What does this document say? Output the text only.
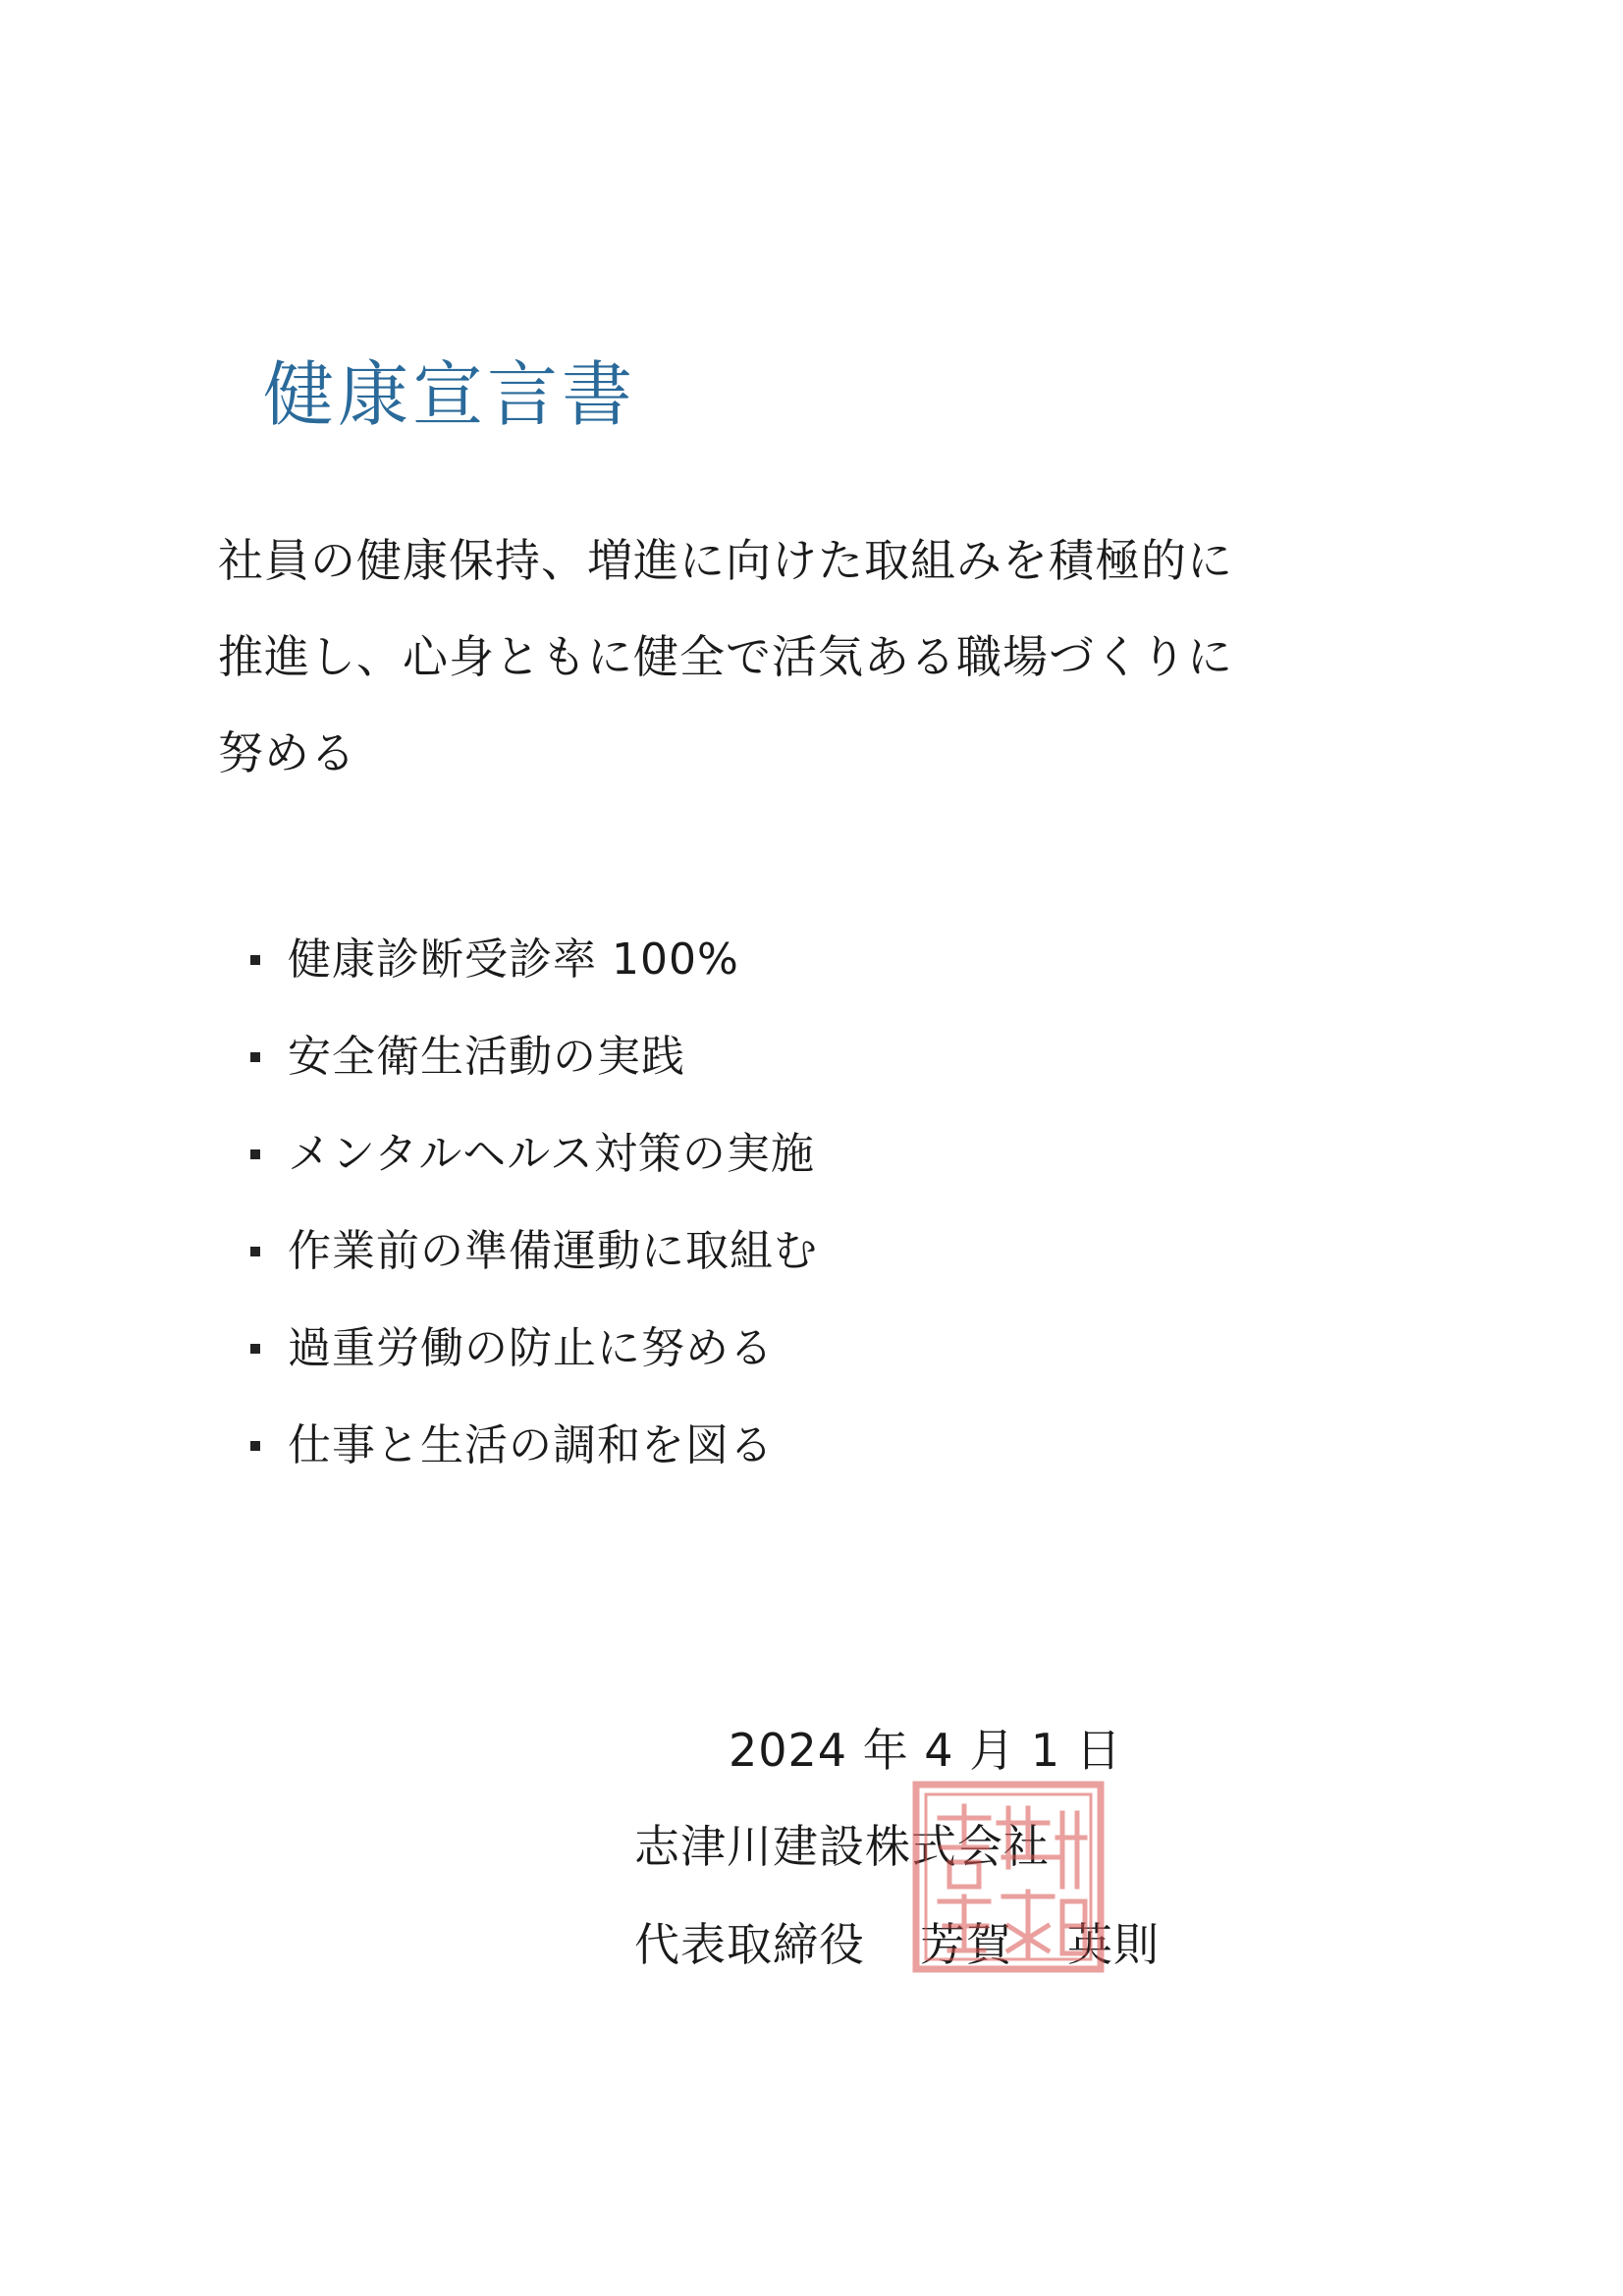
健康宣言書
社員の健康保持、増進に向けた取組みを積極的に
推進し、心身ともに健全で活気ある職場づくりに
努める
健康診断受診率 100%
安全衛生活動の実践
メンタルヘルス対策の実施
作業前の準備運動に取組む
過重労働の防止に努める
仕事と生活の調和を図る
2024 年 4 月 1 日
志津川建設株式会社
代表取締役 芳賀 英則
